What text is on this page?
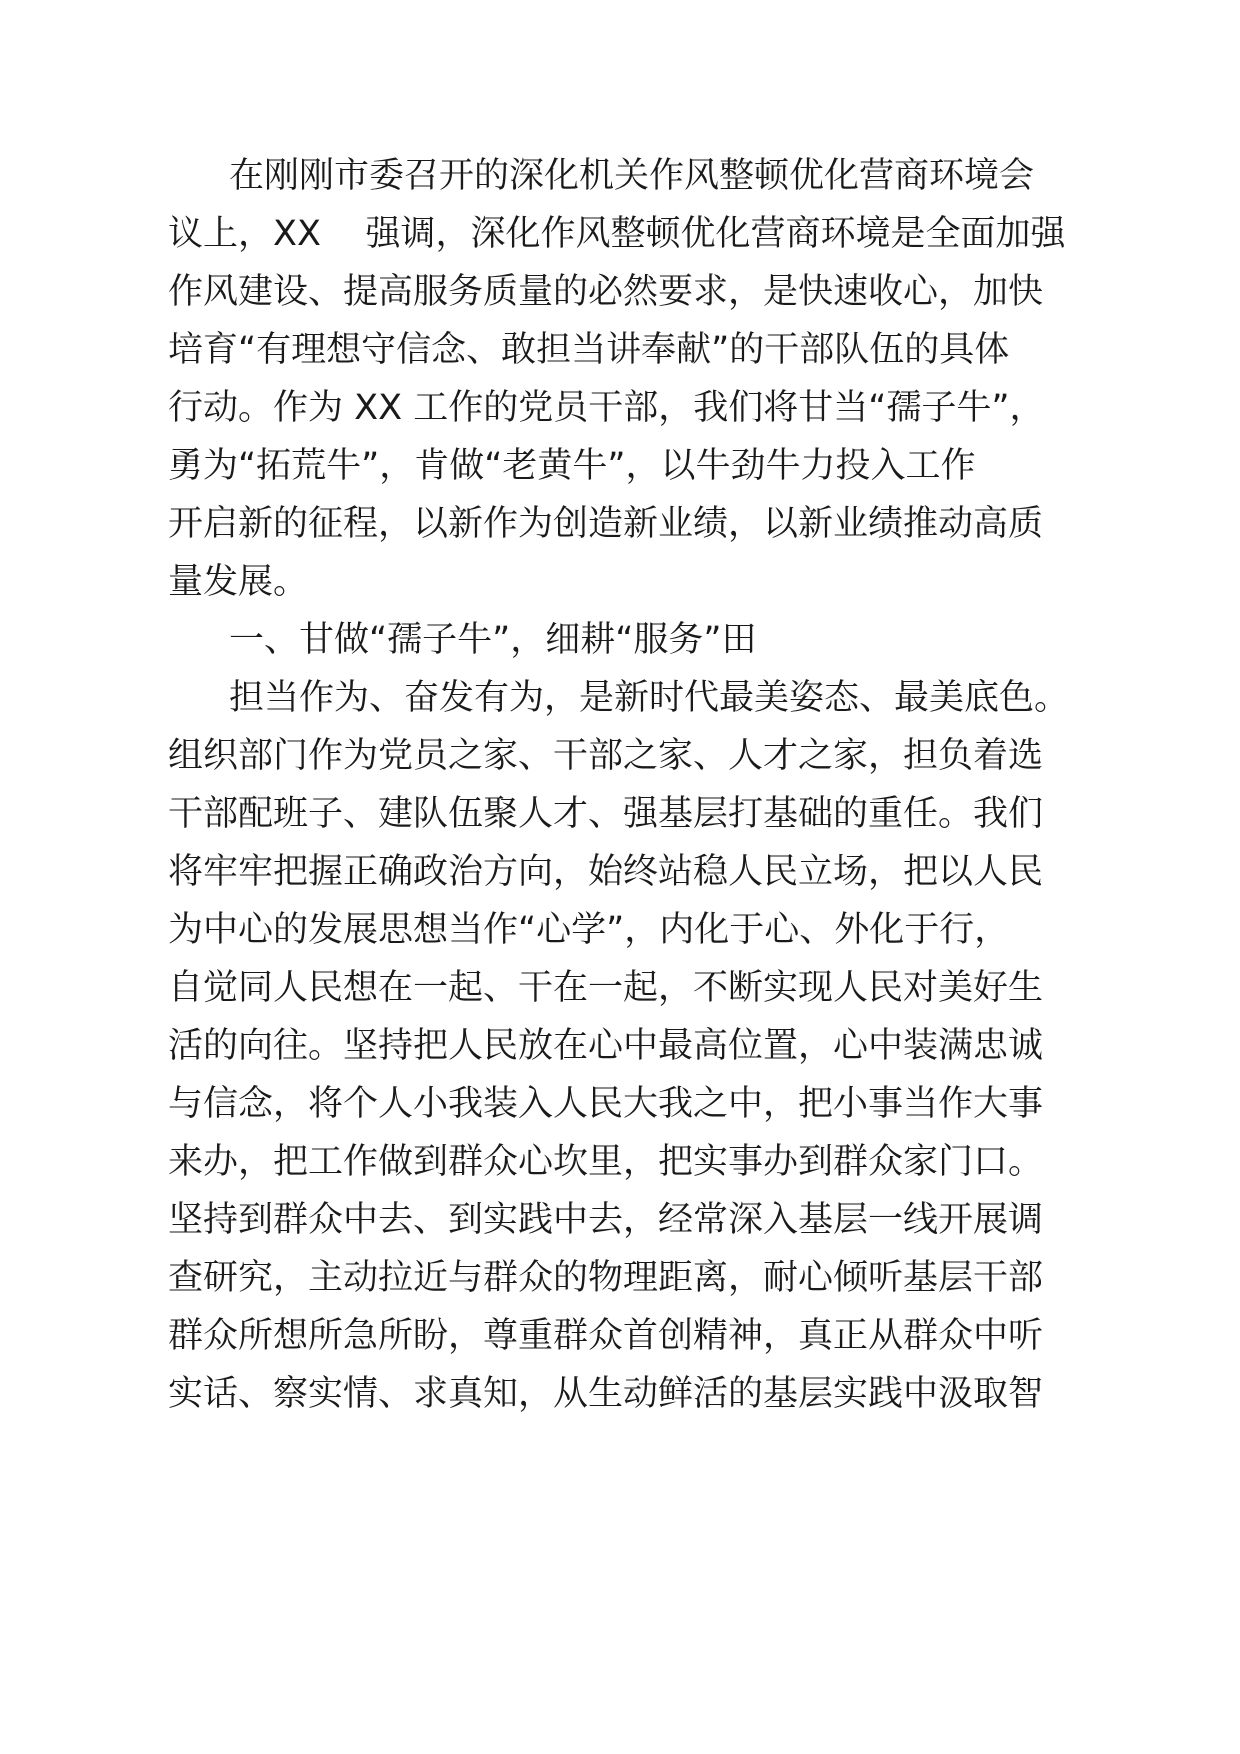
在刚刚市委召开的深化机关作风整顿优化营商环境会
议上，XX    强调，深化作风整顿优化营商环境是全面加强
作风建设、提高服务质量的必然要求，是快速收心，加快
培育“有理想守信念、敢担当讲奉献”的干部队伍的具体
行动。作为 XX 工作的党员干部，我们将甘当“孺子牛”，
勇为“拓荒牛”，肯做“老黄牛”，以牛劲牛力投入工作
开启新的征程，以新作为创造新业绩，以新业绩推动高质
量发展。
一、甘做“孺子牛”，细耕“服务”田
担当作为、奋发有为，是新时代最美姿态、最美底色。
组织部门作为党员之家、干部之家、人才之家，担负着选
干部配班子、建队伍聚人才、强基层打基础的重任。我们
将牢牢把握正确政治方向，始终站稳人民立场，把以人民
为中心的发展思想当作“心学”，内化于心、外化于行，
自觉同人民想在一起、干在一起，不断实现人民对美好生
活的向往。坚持把人民放在心中最高位置，心中装满忠诚
与信念，将个人小我装入人民大我之中，把小事当作大事
来办，把工作做到群众心坎里，把实事办到群众家门口。
坚持到群众中去、到实践中去，经常深入基层一线开展调
查研究，主动拉近与群众的物理距离，耐心倾听基层干部
群众所想所急所盼，尊重群众首创精神，真正从群众中听
实话、察实情、求真知，从生动鲜活的基层实践中汲取智
